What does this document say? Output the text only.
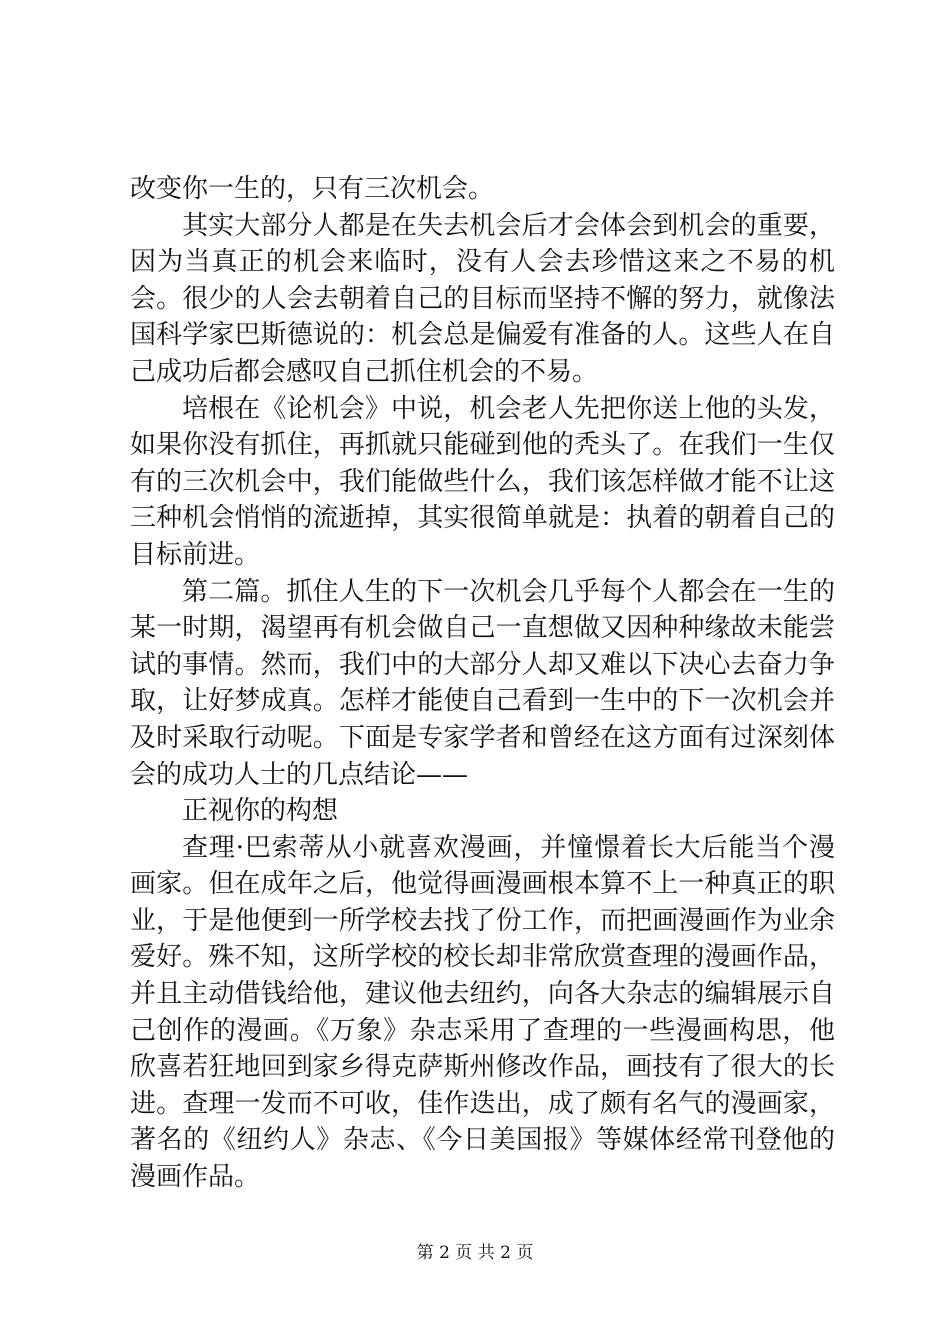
改变你一生的，只有三次机会。

其实大部分人都是在失去机会后才会体会到机会的重要，因为当真正的机会来临时，没有人会去珍惜这来之不易的机会。很少的人会去朝着自己的目标而坚持不懈的努力，就像法国科学家巴斯德说的：机会总是偏爱有准备的人。这些人在自己成功后都会感叹自己抓住机会的不易。

培根在《论机会》中说，机会老人先把你送上他的头发，如果你没有抓住，再抓就只能碰到他的秃头了。在我们一生仅有的三次机会中，我们能做些什么，我们该怎样做才能不让这三种机会悄悄的流逝掉，其实很简单就是：执着的朝着自己的目标前进。

第二篇。抓住人生的下一次机会几乎每个人都会在一生的某一时期，渴望再有机会做自己一直想做又因种种缘故未能尝试的事情。然而，我们中的大部分人却又难以下决心去奋力争取，让好梦成真。怎样才能使自己看到一生中的下一次机会并及时采取行动呢。下面是专家学者和曾经在这方面有过深刻体会的成功人士的几点结论——

正视你的构想

查理·巴索蒂从小就喜欢漫画，并憧憬着长大后能当个漫画家。但在成年之后，他觉得画漫画根本算不上一种真正的职业，于是他便到一所学校去找了份工作，而把画漫画作为业余爱好。殊不知，这所学校的校长却非常欣赏查理的漫画作品，并且主动借钱给他，建议他去纽约，向各大杂志的编辑展示自己创作的漫画。《万象》杂志采用了查理的一些漫画构思，他欣喜若狂地回到家乡得克萨斯州修改作品，画技有了很大的长进。查理一发而不可收，佳作迭出，成了颇有名气的漫画家，著名的《纽约人》杂志、《今日美国报》等媒体经常刊登他的漫画作品。

第 2 页 共 2 页
